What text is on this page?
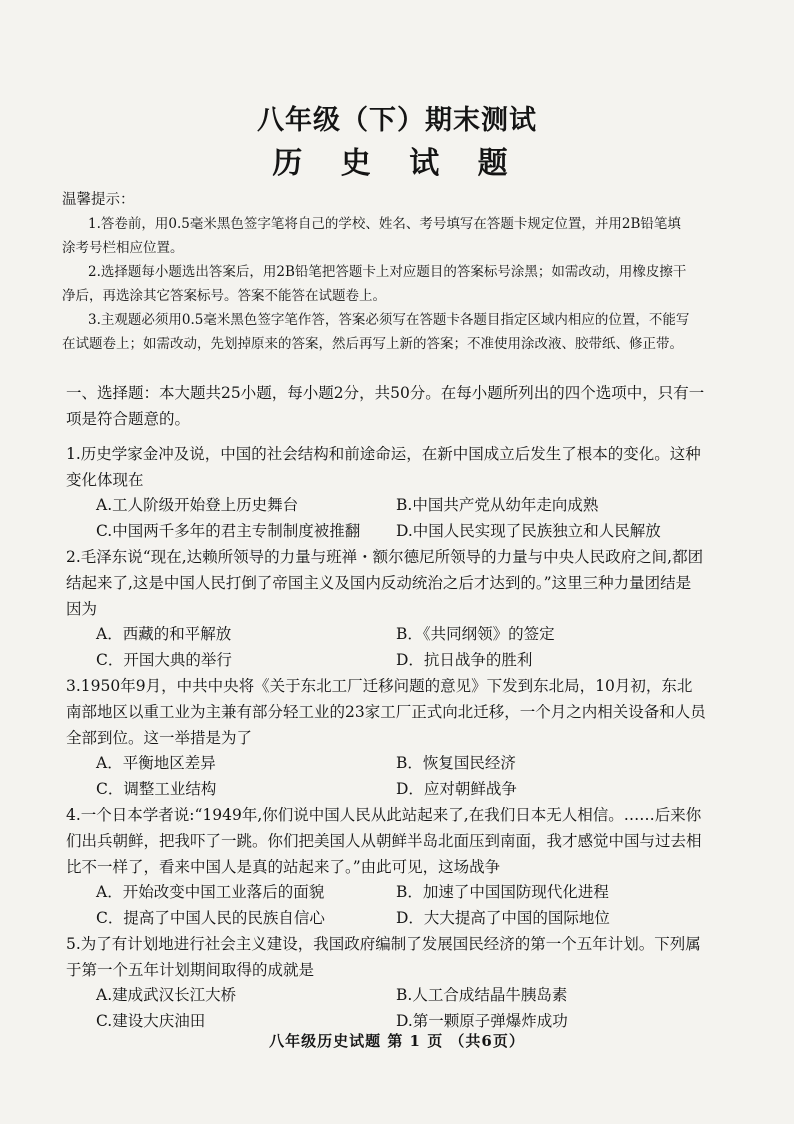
八年级（下）期末测试
历 史 试 题
温馨提示：

1.答卷前，用0.5毫米黑色签字笔将自己的学校、姓名、考号填写在答题卡规定位置，并用2B铅笔填涂考号栏相应位置。

2.选择题每小题选出答案后，用2B铅笔把答题卡上对应题目的答案标号涂黑；如需改动，用橡皮擦干净后，再选涂其它答案标号。答案不能答在试题卷上。

3.主观题必须用0.5毫米黑色签字笔作答，答案必须写在答题卡各题目指定区域内相应的位置，不能写在试题卷上；如需改动，先划掉原来的答案，然后再写上新的答案；不准使用涂改液、胶带纸、修正带。

一、选择题：本大题共25小题，每小题2分，共50分。在每小题所列出的四个选项中，只有一项是符合题意的。

1.历史学家金冲及说，中国的社会结构和前途命运，在新中国成立后发生了根本的变化。这种变化体现在

A.工人阶级开始登上历史舞台	B.中国共产党从幼年走向成熟
C.中国两千多年的君主专制制度被推翻	D.中国人民实现了民族独立和人民解放

2.毛泽东说“现在,达赖所领导的力量与班禅・额尔德尼所领导的力量与中央人民政府之间,都团结起来了,这是中国人民打倒了帝国主义及国内反动统治之后才达到的。”这里三种力量团结是因为

A．西藏的和平解放	B．《共同纲领》的签定
C．开国大典的举行	D．抗日战争的胜利

3.1950年9月，中共中央将《关于东北工厂迁移问题的意见》下发到东北局，10月初，东北南部地区以重工业为主兼有部分轻工业的23家工厂正式向北迁移，一个月之内相关设备和人员全部到位。这一举措是为了

A．平衡地区差异	B．恢复国民经济
C．调整工业结构	D．应对朝鲜战争

4.一个日本学者说:“1949年,你们说中国人民从此站起来了,在我们日本无人相信。……后来你们出兵朝鲜，把我吓了一跳。你们把美国人从朝鲜半岛北面压到南面，我才感觉中国与过去相比不一样了，看来中国人是真的站起来了。”由此可见，这场战争

A．开始改变中国工业落后的面貌	B．加速了中国国防现代化进程
C．提高了中国人民的民族自信心	D．大大提高了中国的国际地位

5.为了有计划地进行社会主义建设，我国政府编制了发展国民经济的第一个五年计划。下列属于第一个五年计划期间取得的成就是

A.建成武汉长江大桥	B.人工合成结晶牛胰岛素
C.建设大庆油田	D.第一颗原子弹爆炸成功
八年级历史试题 第 1 页 （共6页）
